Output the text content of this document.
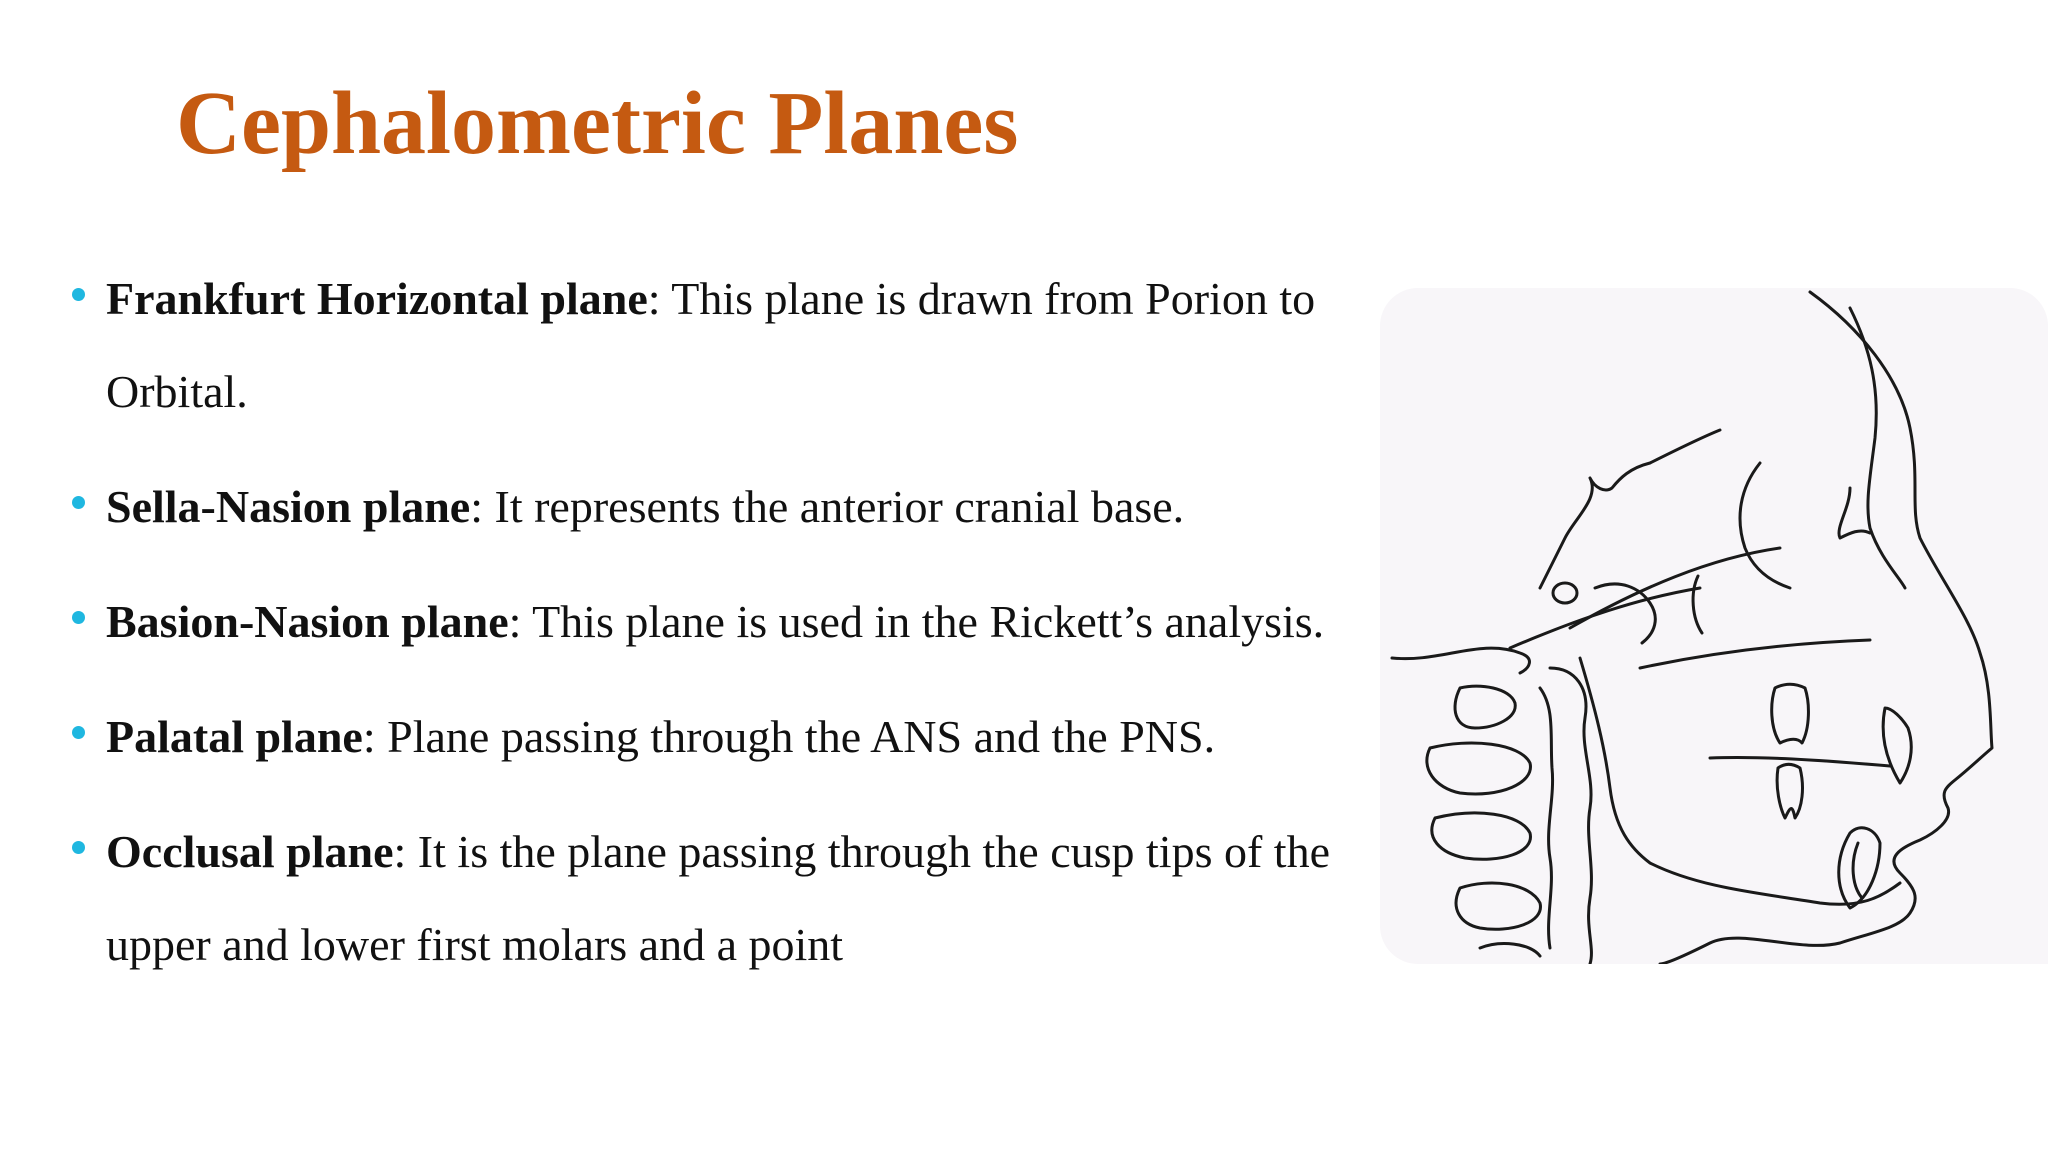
Cephalometric Planes
Frankfurt Horizontal plane: This plane is drawn from Porion to Orbital.
Sella-Nasion plane: It represents the anterior cranial base.
Basion-Nasion plane: This plane is used in the Rickett’s analysis.
Palatal plane: Plane passing through the ANS and the PNS.
Occlusal plane: It is the plane passing through the cusp tips of the upper and lower first molars and a point
